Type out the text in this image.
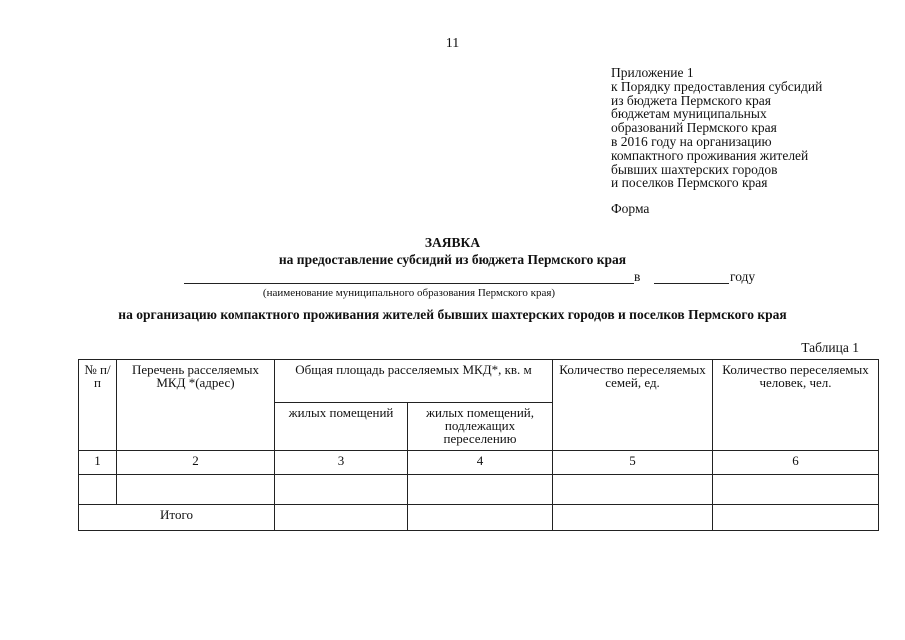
11
Приложение 1
к Порядку предоставления субсидий
из бюджета Пермского края
бюджетам муниципальных
образований Пермского края
в 2016 году на организацию
компактного проживания жителей
бывших шахтерских городов
и поселков Пермского края
Форма
ЗАЯВКА
на предоставление субсидий из бюджета Пермского края
в	году
(наименование муниципального образования Пермского края)
на организацию компактного проживания жителей бывших шахтерских городов и поселков Пермского края
Таблица 1
№ п/п	Перечень расселяемых МКД *(адрес)	Общая площадь расселяемых МКД*, кв. м		Количество переселяемых семей, ед.	Количество переселяемых человек, чел.
		жилых помещений	жилых помещений, подлежащих переселению		
1	2	3	4	5	6

Итого					
